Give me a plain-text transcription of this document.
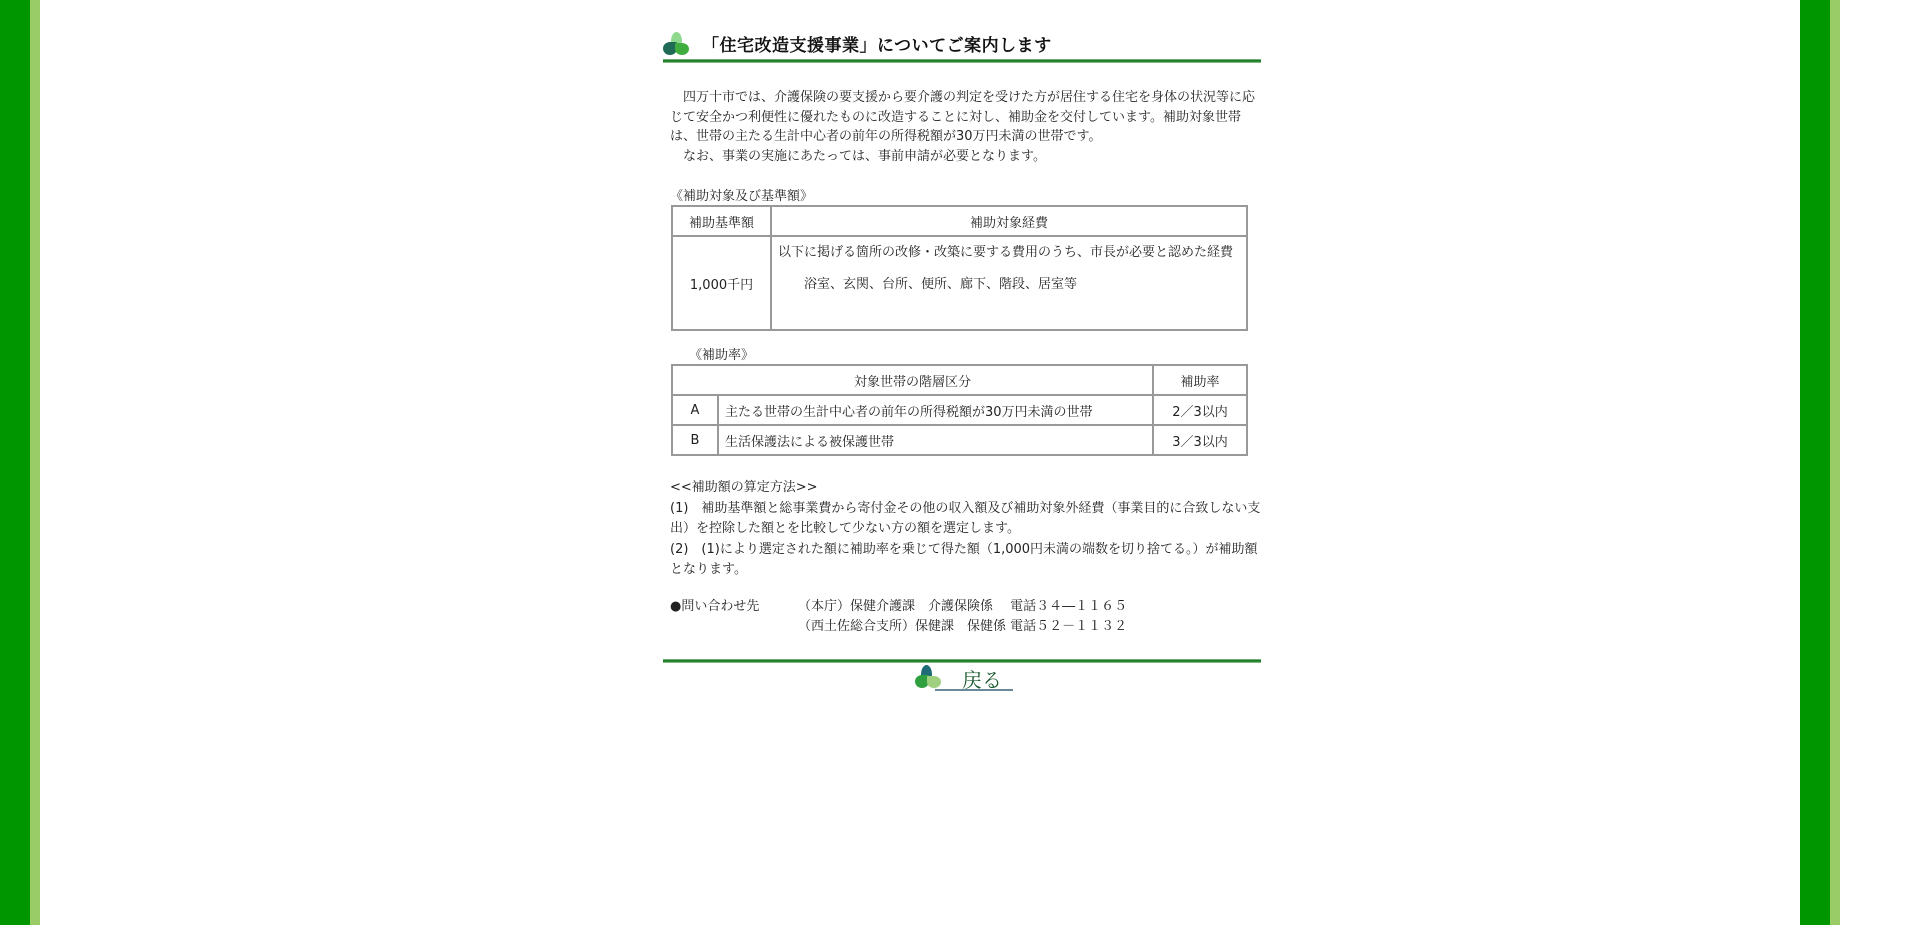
「住宅改造支援事業」についてご案内します
四万十市では、介護保険の要支援から要介護の判定を受けた方が居住する住宅を身体の状況等に応じて安全かつ利便性に優れたものに改造することに対し、補助金を交付しています。補助対象世帯は、世帯の主たる生計中心者の前年の所得税額が30万円未満の世帯です。
なお、事業の実施にあたっては、事前申請が必要となります。
《補助対象及び基準額》
補助基準額	補助対象経費
1,000千円	以下に掲げる箇所の改修・改築に要する費用のうち、市長が必要と認めた経費
浴室、玄関、台所、便所、廊下、階段、居室等
《補助率》
対象世帯の階層区分		補助率
A	主たる世帯の生計中心者の前年の所得税額が30万円未満の世帯	2／3以内
B	生活保護法による被保護世帯	3／3以内
<<補助額の算定方法>>
(1)　補助基準額と総事業費から寄付金その他の収入額及び補助対象外経費（事業目的に合致しない支出）を控除した額とを比較して少ない方の額を選定します。
(2)　(1)により選定された額に補助率を乗じて得た額（1,000円未満の端数を切り捨てる。）が補助額となります。
●問い合わせ先	（本庁）保健介護課　介護保険係　 電話３４―１１６５
（西土佐総合支所）保健課　保健係 電話５２－１１３２
戻る
